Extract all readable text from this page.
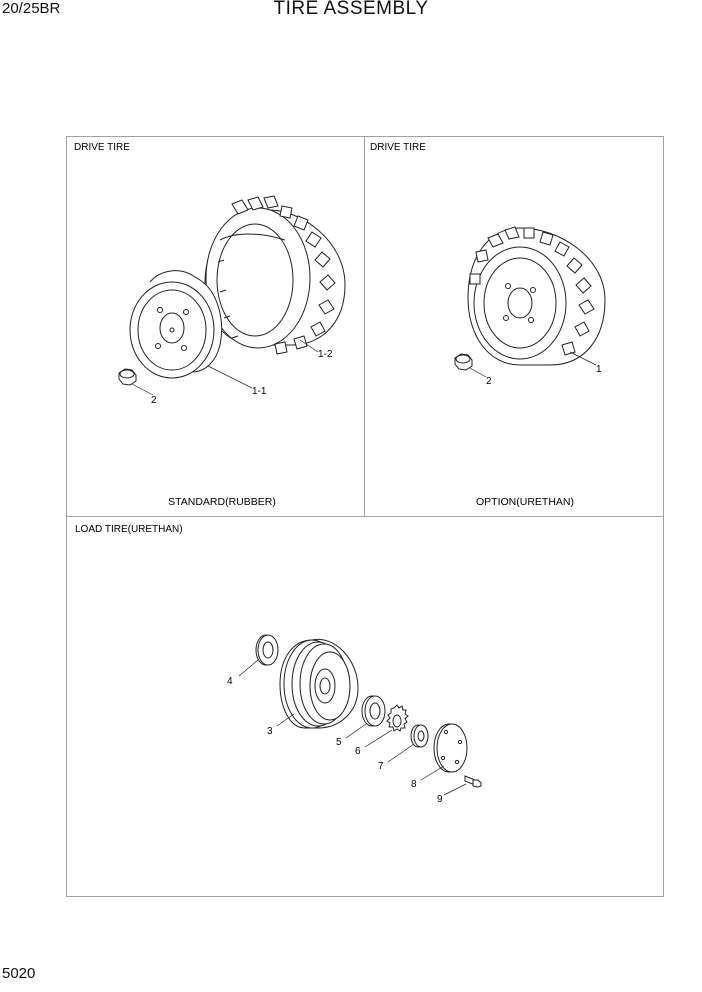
20/25BR	TIRE ASSEMBLY
5020
DRIVE TIRE	DRIVE TIRE
LOAD TIRE(URETHAN)
STANDARD(RUBBER)	OPTION(URETHAN)
1-2
1-1
2
1
2
4
3
5
6
7
8
9
